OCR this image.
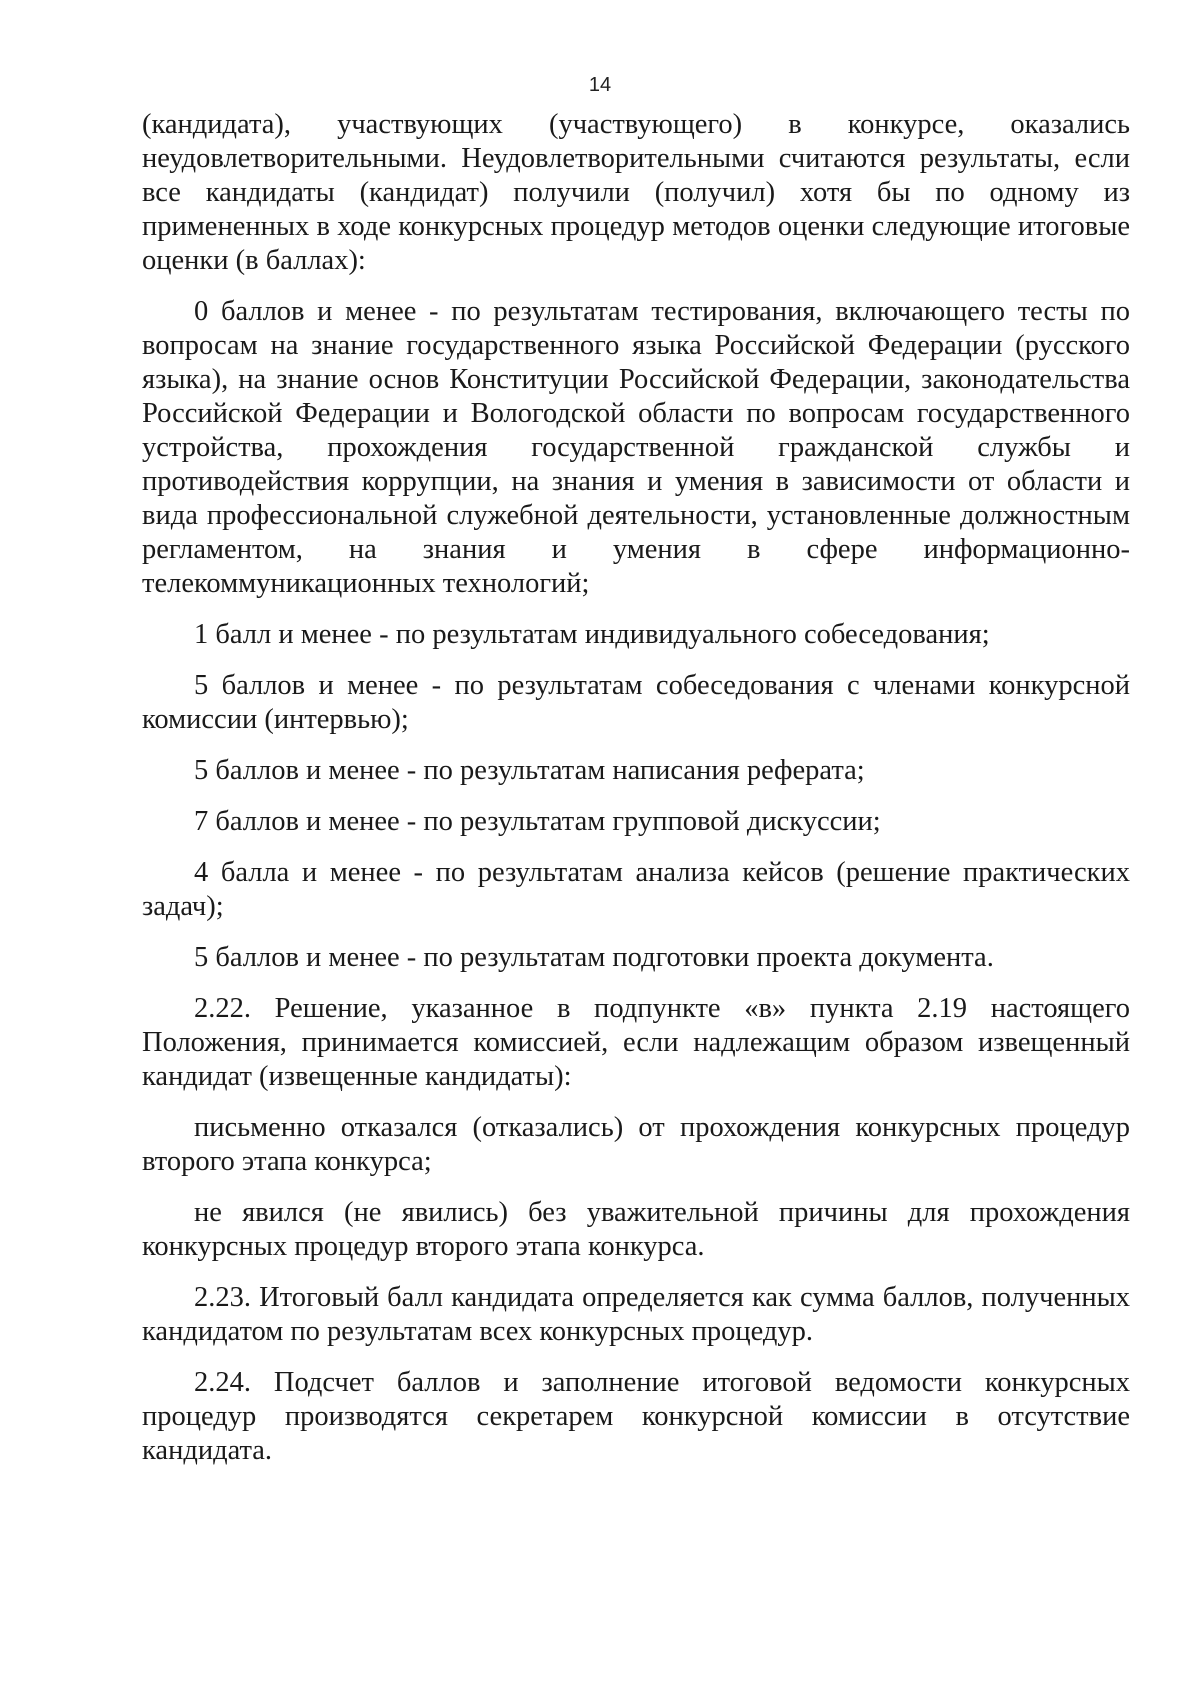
14

(кандидата), участвующих (участвующего) в конкурсе, оказались неудовлетворительными. Неудовлетворительными считаются результаты, если все кандидаты (кандидат) получили (получил) хотя бы по одному из примененных в ходе конкурсных процедур методов оценки следующие итоговые оценки (в баллах):

0 баллов и менее - по результатам тестирования, включающего тесты по вопросам на знание государственного языка Российской Федерации (русского языка), на знание основ Конституции Российской Федерации, законодательства Российской Федерации и Вологодской области по вопросам государственного устройства, прохождения государственной гражданской службы и противодействия коррупции, на знания и умения в зависимости от области и вида профессиональной служебной деятельности, установленные должностным регламентом, на знания и умения в сфере информационно-телекоммуникационных технологий;

1 балл и менее - по результатам индивидуального собеседования;

5 баллов и менее - по результатам собеседования с членами конкурсной комиссии (интервью);

5 баллов и менее - по результатам написания реферата;

7 баллов и менее - по результатам групповой дискуссии;

4 балла и менее - по результатам анализа кейсов (решение практических задач);

5 баллов и менее - по результатам подготовки проекта документа.

2.22. Решение, указанное в подпункте «в» пункта 2.19 настоящего Положения, принимается комиссией, если надлежащим образом извещенный кандидат (извещенные кандидаты):

письменно отказался (отказались) от прохождения конкурсных процедур второго этапа конкурса;

не явился (не явились) без уважительной причины для прохождения конкурсных процедур второго этапа конкурса.

2.23. Итоговый балл кандидата определяется как сумма баллов, полученных кандидатом по результатам всех конкурсных процедур.

2.24. Подсчет баллов и заполнение итоговой ведомости конкурсных процедур производятся секретарем конкурсной комиссии в отсутствие кандидата.
